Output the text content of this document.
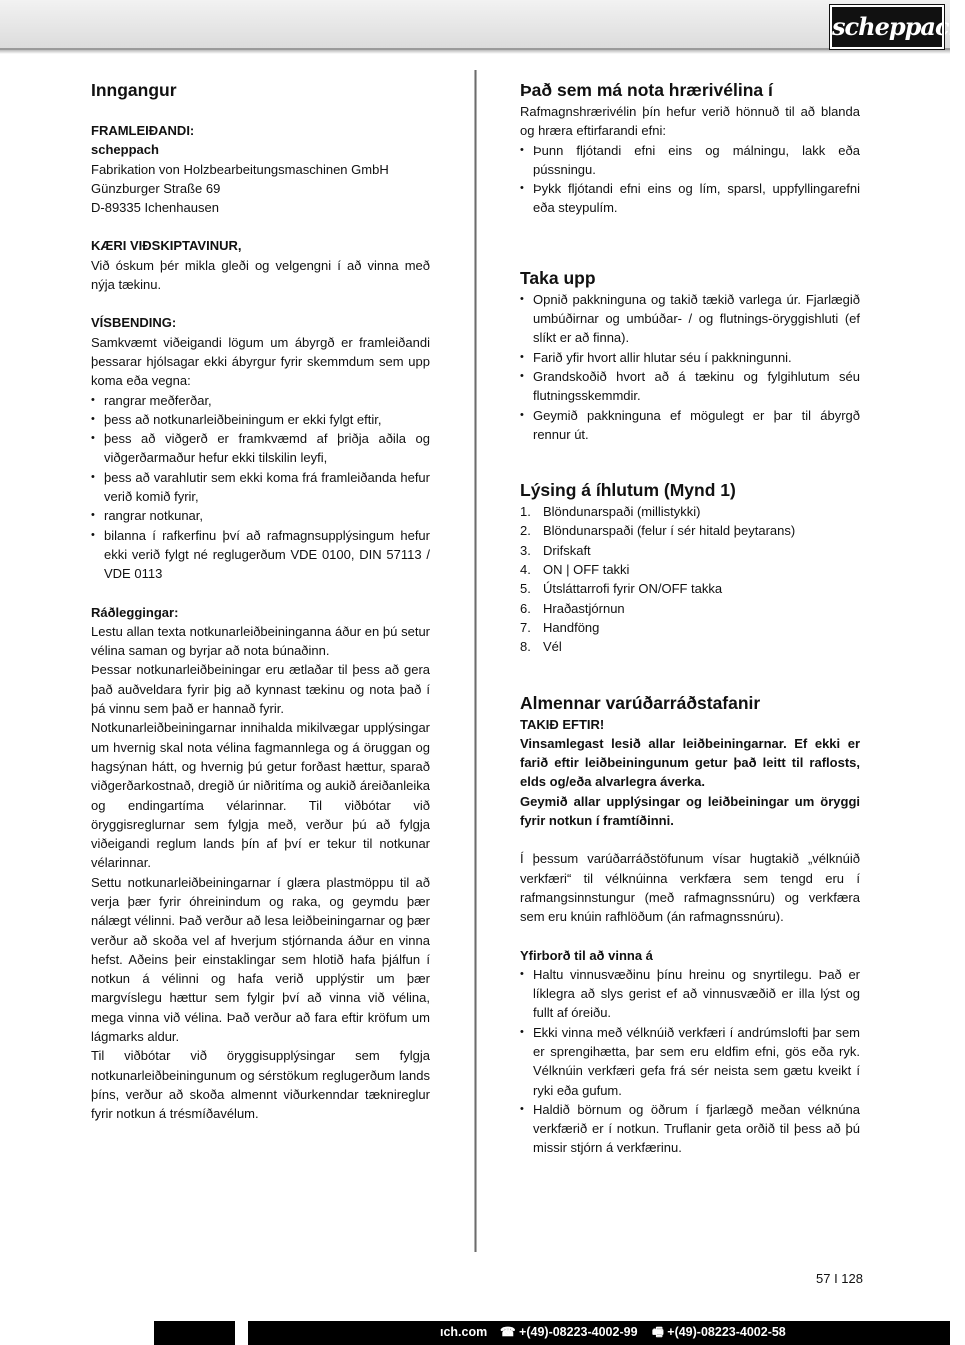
scheppach
Inngangur

FRAMLEIÐANDI:

scheppach

Fabrikation von Holzbearbeitungsmaschinen GmbH

Günzburger Straße 69

D-89335 Ichenhausen

KÆRI VIÐSKIPTAVINUR,

Við óskum þér mikla gleði og velgengni í að vinna með nýja tækinu.

VÍSBENDING:

Samkvæmt viðeigandi lögum um ábyrgð er framleiðandi þessarar hjólsagar ekki ábyrgur fyrir skemmdum sem upp koma eða vegna:

• rangrar meðferðar,
• þess að notkunarleiðbeiningum er ekki fylgt eftir,
• þess að viðgerð er framkvæmd af þriðja aðila og viðgerðarmaður hefur ekki tilskilin leyfi,
• þess að varahlutir sem ekki koma frá framleiðanda hefur verið komið fyrir,
• rangrar notkunar,
• bilanna í rafkerfinu því að rafmagnsupplýsingum hefur ekki verið fylgt né reglugerðum VDE 0100, DIN 57113 / VDE 0113

Ráðleggingar:

Lestu allan texta notkunarleiðbeininganna áður en þú setur vélina saman og byrjar að nota búnaðinn.

Þessar notkunarleiðbeiningar eru ætlaðar til þess að gera það auðveldara fyrir þig að kynnast tækinu og nota það í þá vinnu sem það er hannað fyrir.

Notkunarleiðbeiningarnar innihalda mikilvægar upplýsingar um hvernig skal nota vélina fagmannlega og á öruggan og hagsýnan hátt, og hvernig þú getur forðast hættur, sparað viðgerðarkostnað, dregið úr niðritíma og aukið áreiðanleika og endingartíma vélarinnar. Til viðbótar við öryggisreglurnar sem fylgja með, verður þú að fylgja viðeigandi reglum lands þín af því er tekur til notkunar vélarinnar.

Settu notkunarleiðbeiningarnar í glæra plastmöppu til að verja þær fyrir óhreinindum og raka, og geymdu þær nálægt vélinni. Það verður að lesa leiðbeiningarnar og þær verður að skoða vel af hverjum stjórnanda áður en vinna hefst. Aðeins þeir einstaklingar sem hlotið hafa þjálfun í notkun á vélinni og hafa verið upplýstir um þær margvíslegu hættur sem fylgir því að vinna við vélina, mega vinna við vélina. Það verður að fara eftir kröfum um lágmarks aldur.

Til viðbótar við öryggisupplýsingar sem fylgja notkunarleiðbeiningunum og sérstökum reglugerðum lands þíns, verður að skoða almennt viðurkenndar tæknireglur fyrir notkun á trésmíðavélum.

Það sem má nota hrærivélina í

Rafmagnshrærivélin þín hefur verið hönnuð til að blanda og hræra eftirfarandi efni:

• Þunn fljótandi efni eins og málningu, lakk eða pússningu.
• Þykk fljótandi efni eins og lím, sparsl, uppfyllingarefni eða steypulím.
Taka upp
• Opnið pakkninguna og takið tækið varlega úr. Fjarlægið umbúðirnar og umbúðar- / og flutnings-öryggishluti (ef slíkt er að finna).
• Farið yfir hvort allir hlutar séu í pakkningunni.
• Grandskoðið hvort að á tækinu og fylgihlutum séu flutningsskemmdir.
• Geymið pakkninguna ef mögulegt er þar til ábyrgð rennur út.
Lýsing á íhlutum (Mynd 1)
1. Blöndunarspaði (millistykki)
2. Blöndunarspaði (felur í sér hitald þeytarans)
3. Drifskaft
4. ON | OFF takki
5. Útsláttarrofi fyrir ON/OFF takka
6. Hraðastjórnun
7. Handföng
8. Vél
Almennar varúðarráðstafanir

TAKIÐ EFTIR!

Vinsamlegast lesið allar leiðbeiningarnar. Ef ekki er farið eftir leiðbeiningunum getur það leitt til raflosts, elds og/eða alvarlegra áverka.

Geymið allar upplýsingar og leiðbeiningar um öryggi fyrir notkun í framtíðinni.

Í þessum varúðarráðstöfunum vísar hugtakið „vélknúið verkfæri“ til vélknúinna verkfæra sem tengd eru í rafmangsinnstungur (með rafmagnssnúru) og verkfæra sem eru knúin rafhlöðum (án rafmagnssnúru).

Yfirborð til að vinna á

• Haltu vinnusvæðinu þínu hreinu og snyrtilegu. Það er líklegra að slys gerist ef að vinnusvæðið er illa lýst og fullt af óreiðu.
• Ekki vinna með vélknúið verkfæri í andrúmslofti þar sem er sprengihætta, þar sem eru eldfim efni, gös eða ryk. Vélknúin verkfæri gefa frá sér neista sem gætu kveikt í ryki eða gufum.
• Haldið börnum og öðrum í fjarlægð meðan vélknúna verkfærið er í notkun. Truflanir geta orðið til þess að þú missir stjórn á verkfærinu.
57 I 128
ıch.com ☎ +(49)-08223-4002-99 🖷 +(49)-08223-4002-58
